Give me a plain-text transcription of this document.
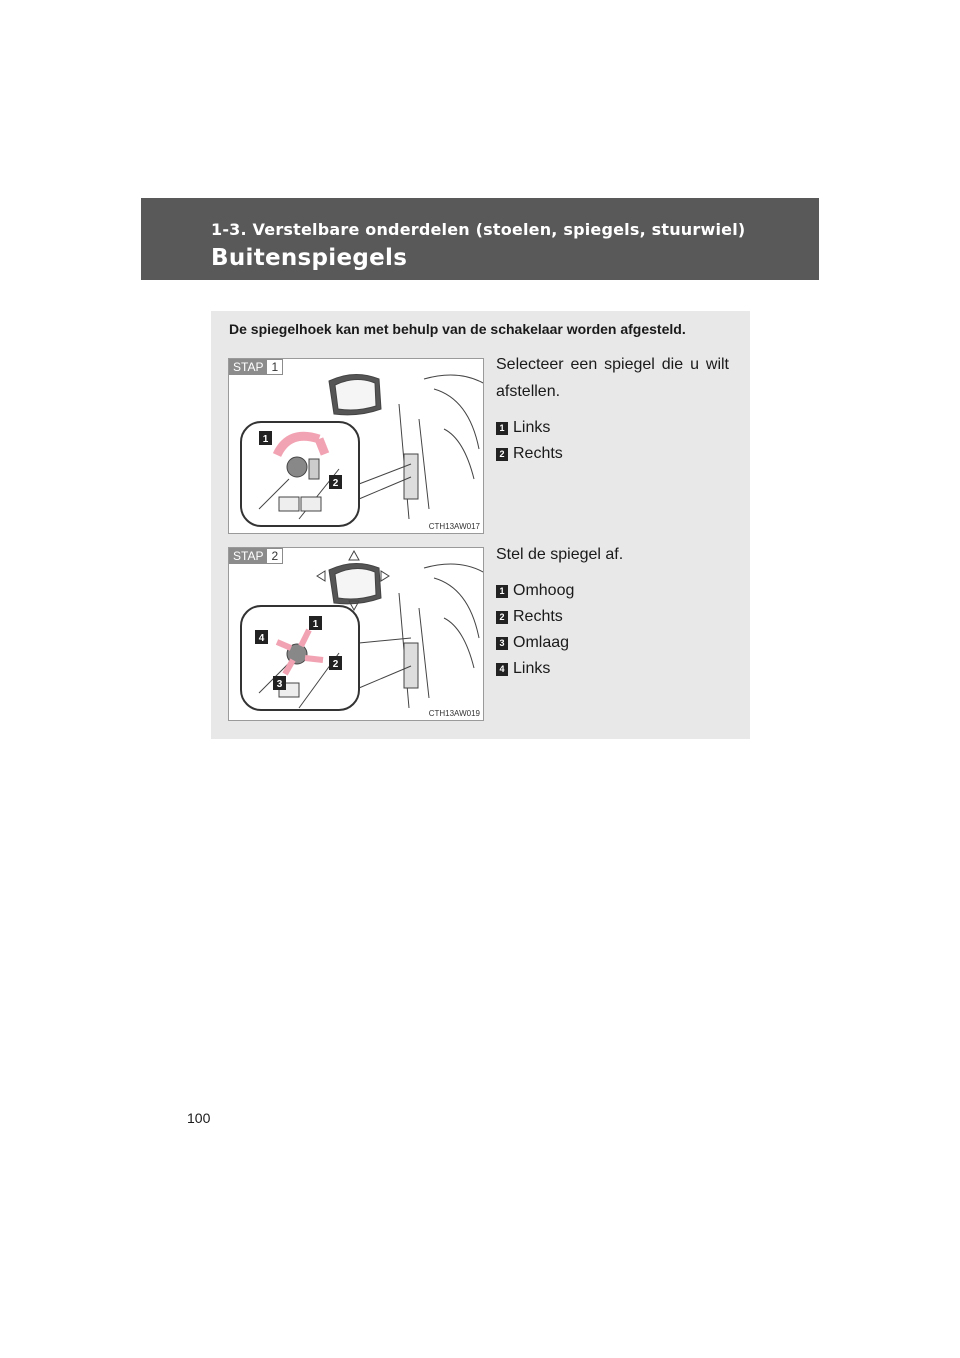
1-3. Verstelbare onderdelen (stoelen, spiegels, stuurwiel)
Buitenspiegels
De spiegelhoek kan met behulp van de schakelaar worden afgesteld.
1
2
STAP 1
CTH13AW017
Selecteer een spiegel die u wilt afstellen.
1 Links
2 Rechts
1
2
3
4
STAP 2
CTH13AW019
Stel de spiegel af.
1 Omhoog
2 Rechts
3 Omlaag
4 Links
100
